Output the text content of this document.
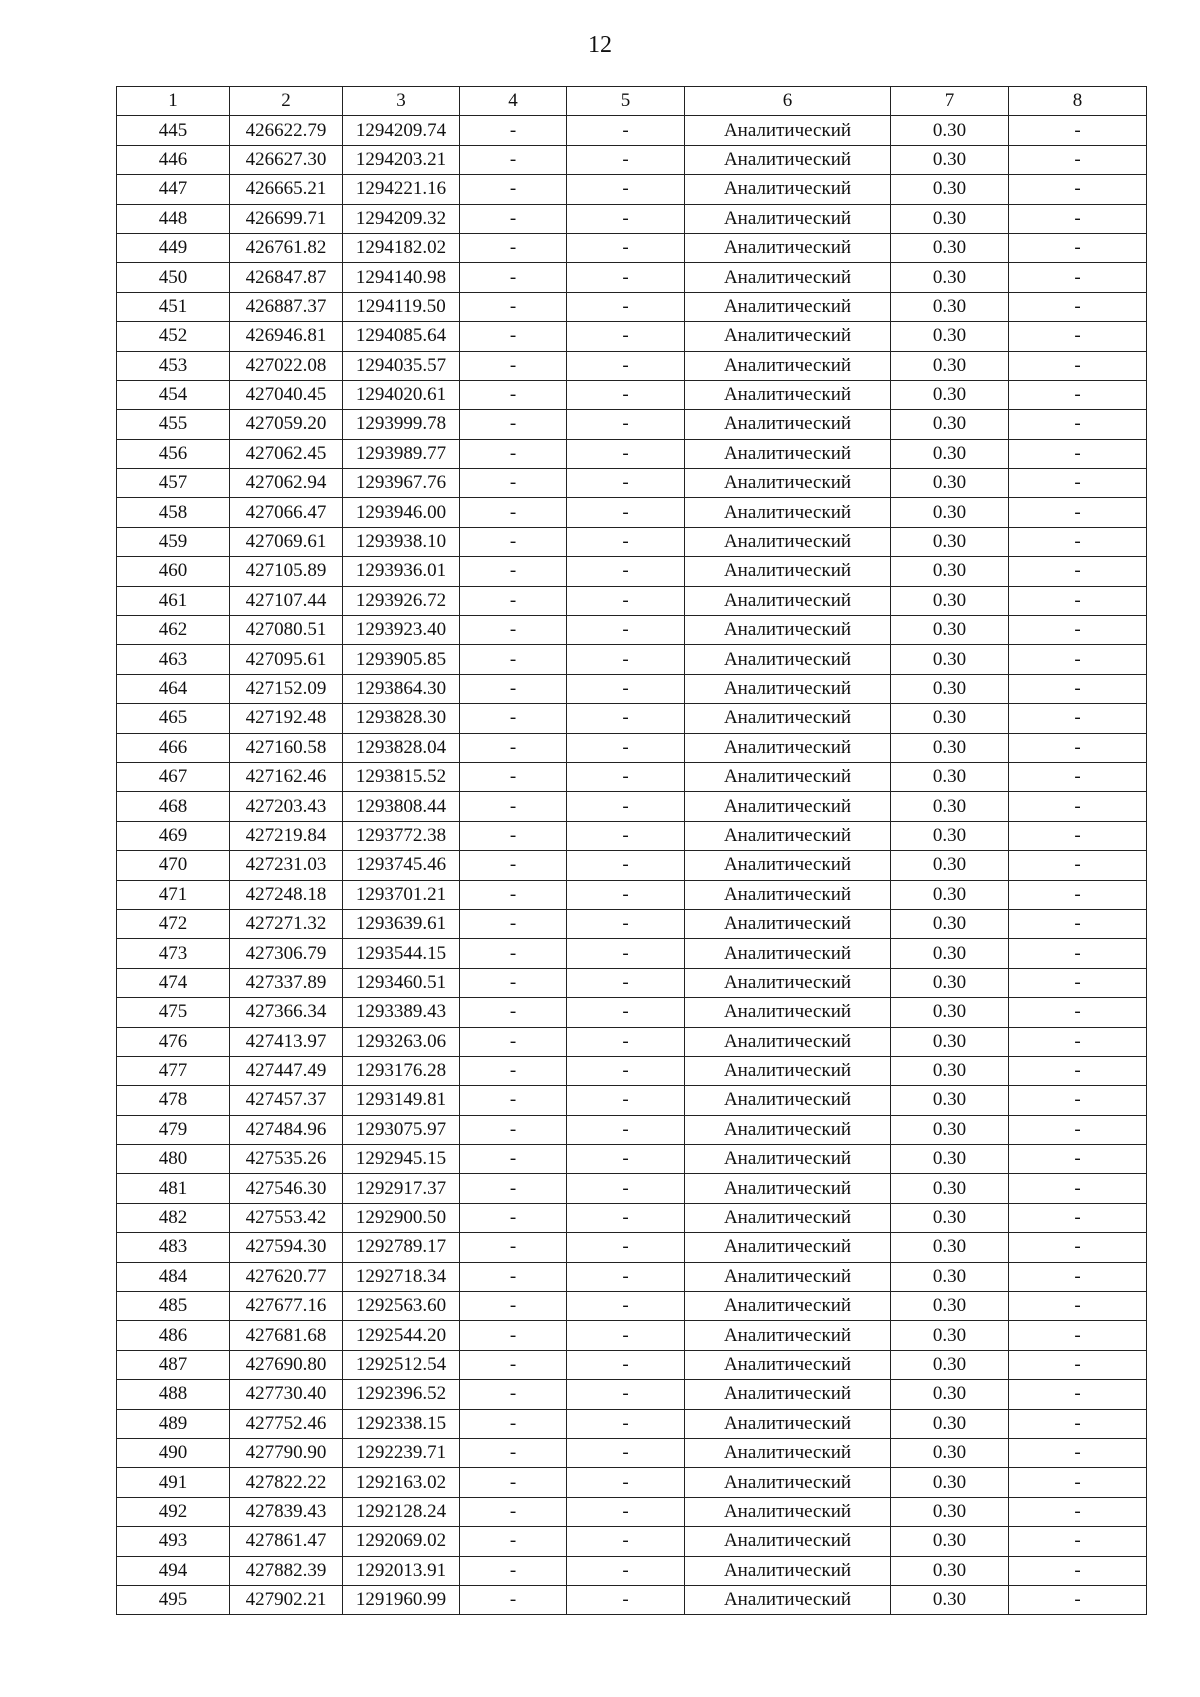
12
1	2	3	4	5	6	7	8
445	426622.79	1294209.74	-	-	Аналитический	0.30	-
446	426627.30	1294203.21	-	-	Аналитический	0.30	-
447	426665.21	1294221.16	-	-	Аналитический	0.30	-
448	426699.71	1294209.32	-	-	Аналитический	0.30	-
449	426761.82	1294182.02	-	-	Аналитический	0.30	-
450	426847.87	1294140.98	-	-	Аналитический	0.30	-
451	426887.37	1294119.50	-	-	Аналитический	0.30	-
452	426946.81	1294085.64	-	-	Аналитический	0.30	-
453	427022.08	1294035.57	-	-	Аналитический	0.30	-
454	427040.45	1294020.61	-	-	Аналитический	0.30	-
455	427059.20	1293999.78	-	-	Аналитический	0.30	-
456	427062.45	1293989.77	-	-	Аналитический	0.30	-
457	427062.94	1293967.76	-	-	Аналитический	0.30	-
458	427066.47	1293946.00	-	-	Аналитический	0.30	-
459	427069.61	1293938.10	-	-	Аналитический	0.30	-
460	427105.89	1293936.01	-	-	Аналитический	0.30	-
461	427107.44	1293926.72	-	-	Аналитический	0.30	-
462	427080.51	1293923.40	-	-	Аналитический	0.30	-
463	427095.61	1293905.85	-	-	Аналитический	0.30	-
464	427152.09	1293864.30	-	-	Аналитический	0.30	-
465	427192.48	1293828.30	-	-	Аналитический	0.30	-
466	427160.58	1293828.04	-	-	Аналитический	0.30	-
467	427162.46	1293815.52	-	-	Аналитический	0.30	-
468	427203.43	1293808.44	-	-	Аналитический	0.30	-
469	427219.84	1293772.38	-	-	Аналитический	0.30	-
470	427231.03	1293745.46	-	-	Аналитический	0.30	-
471	427248.18	1293701.21	-	-	Аналитический	0.30	-
472	427271.32	1293639.61	-	-	Аналитический	0.30	-
473	427306.79	1293544.15	-	-	Аналитический	0.30	-
474	427337.89	1293460.51	-	-	Аналитический	0.30	-
475	427366.34	1293389.43	-	-	Аналитический	0.30	-
476	427413.97	1293263.06	-	-	Аналитический	0.30	-
477	427447.49	1293176.28	-	-	Аналитический	0.30	-
478	427457.37	1293149.81	-	-	Аналитический	0.30	-
479	427484.96	1293075.97	-	-	Аналитический	0.30	-
480	427535.26	1292945.15	-	-	Аналитический	0.30	-
481	427546.30	1292917.37	-	-	Аналитический	0.30	-
482	427553.42	1292900.50	-	-	Аналитический	0.30	-
483	427594.30	1292789.17	-	-	Аналитический	0.30	-
484	427620.77	1292718.34	-	-	Аналитический	0.30	-
485	427677.16	1292563.60	-	-	Аналитический	0.30	-
486	427681.68	1292544.20	-	-	Аналитический	0.30	-
487	427690.80	1292512.54	-	-	Аналитический	0.30	-
488	427730.40	1292396.52	-	-	Аналитический	0.30	-
489	427752.46	1292338.15	-	-	Аналитический	0.30	-
490	427790.90	1292239.71	-	-	Аналитический	0.30	-
491	427822.22	1292163.02	-	-	Аналитический	0.30	-
492	427839.43	1292128.24	-	-	Аналитический	0.30	-
493	427861.47	1292069.02	-	-	Аналитический	0.30	-
494	427882.39	1292013.91	-	-	Аналитический	0.30	-
495	427902.21	1291960.99	-	-	Аналитический	0.30	-
